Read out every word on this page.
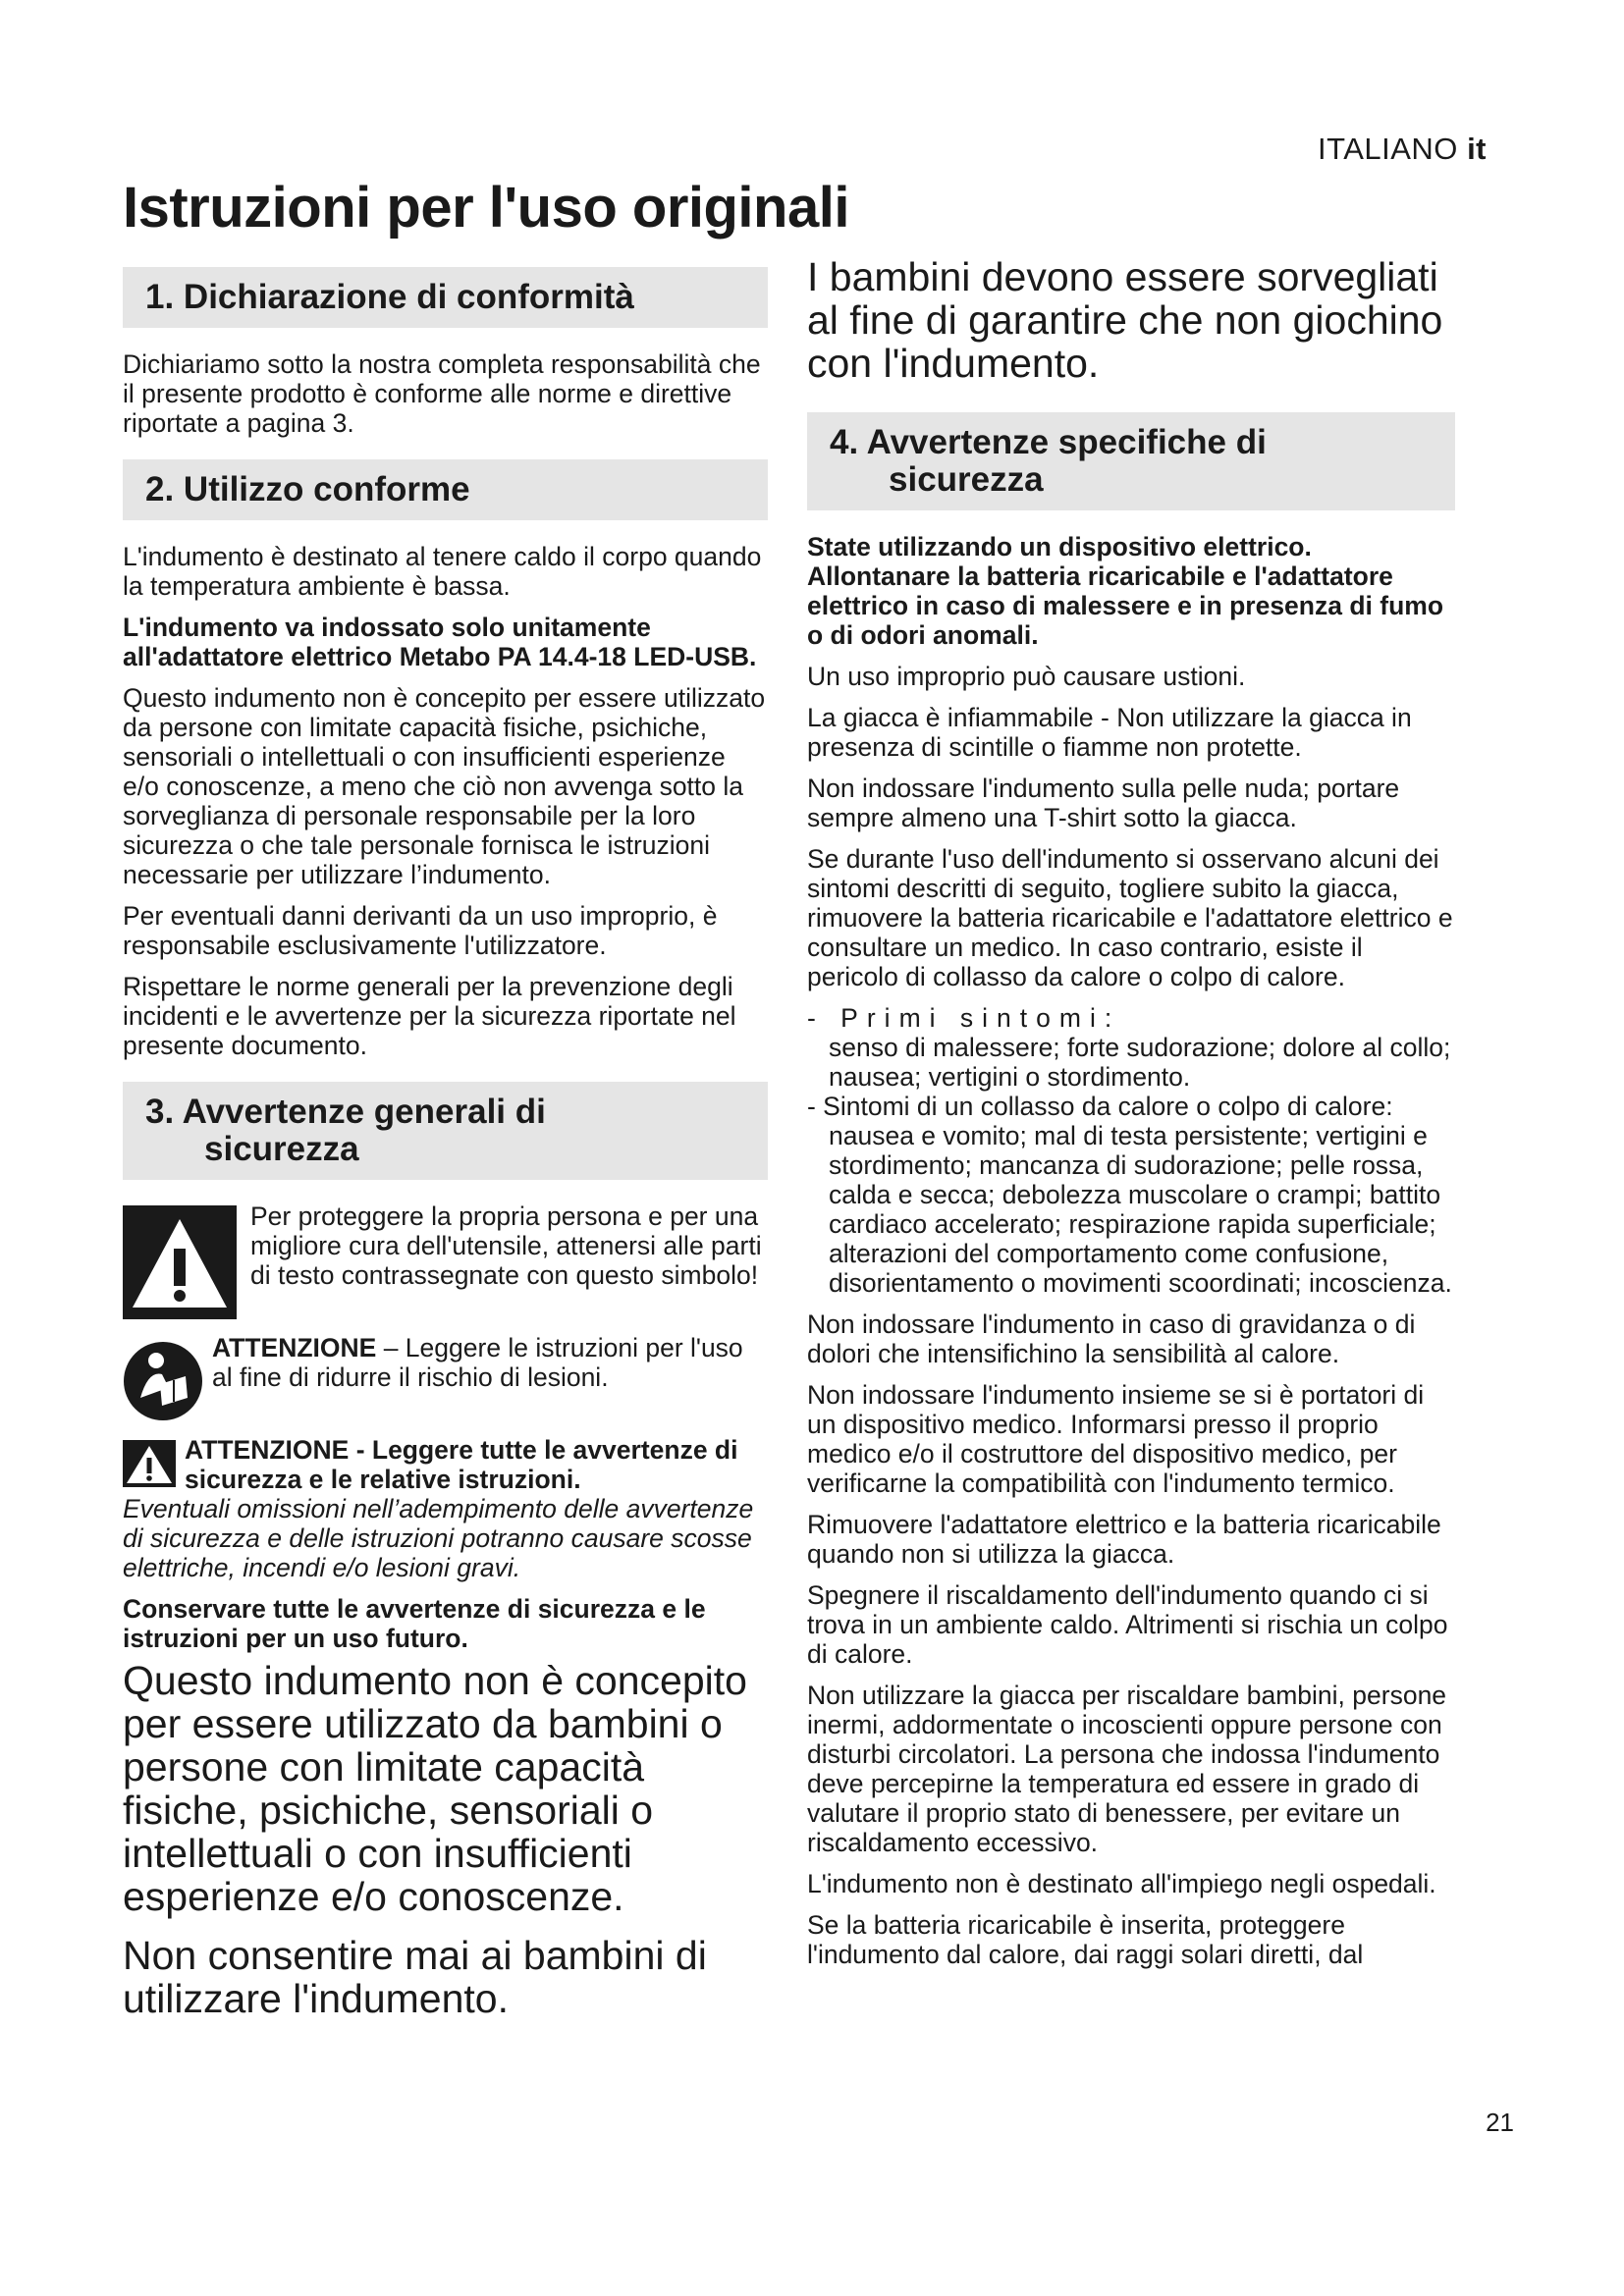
ITALIANO it
Istruzioni per l'uso originali
1. Dichiarazione di conformità

Dichiariamo sotto la nostra completa responsabilità che il presente prodotto è conforme alle norme e direttive riportate a pagina 3.

2. Utilizzo conforme

L'indumento è destinato al tenere caldo il corpo quando la temperatura ambiente è bassa.

L'indumento va indossato solo unitamente all'adattatore elettrico Metabo PA 14.4-18 LED-USB.

Questo indumento non è concepito per essere utilizzato da persone con limitate capacità fisiche, psichiche, sensoriali o intellettuali o con insufficienti esperienze e/o conoscenze, a meno che ciò non avvenga sotto la sorveglianza di personale responsabile per la loro sicurezza o che tale personale fornisca le istruzioni necessarie per utilizzare l’indumento.

Per eventuali danni derivanti da un uso improprio, è responsabile esclusivamente l'utilizzatore.

Rispettare le norme generali per la prevenzione degli incidenti e le avvertenze per la sicurezza riportate nel presente documento.

3. Avvertenze generali di
sicurezza

Per proteggere la propria persona e per una migliore cura dell'utensile, attenersi alle parti di testo contrassegnate con questo simbolo!

ATTENZIONE – Leggere le istruzioni per l'uso al fine di ridurre il rischio di lesioni.

ATTENZIONE - Leggere tutte le avvertenze di sicurezza e le relative istruzioni.

Eventuali omissioni nell’adempimento delle avvertenze di sicurezza e delle istruzioni potranno causare scosse elettriche, incendi e/o lesioni gravi.

Conservare tutte le avvertenze di sicurezza e le istruzioni per un uso futuro.

Questo indumento non è concepito per essere utilizzato da bambini o persone con limitate capacità fisiche, psichiche, sensoriali o intellettuali o con insufficienti esperienze e/o conoscenze.

Non consentire mai ai bambini di utilizzare l'indumento.

I bambini devono essere sorvegliati al fine di garantire che non giochino con l'indumento.

4. Avvertenze specifiche di
sicurezza

State utilizzando un dispositivo elettrico. Allontanare la batteria ricaricabile e l'adattatore elettrico in caso di malessere e in presenza di fumo o di odori anomali.

Un uso improprio può causare ustioni.

La giacca è infiammabile - Non utilizzare la giacca in presenza di scintille o fiamme non protette.

Non indossare l'indumento sulla pelle nuda; portare sempre almeno una T-shirt sotto la giacca.

Se durante l'uso dell'indumento si osservano alcuni dei sintomi descritti di seguito, togliere subito la giacca, rimuovere la batteria ricaricabile e l'adattatore elettrico e consultare un medico. In caso contrario, esiste il pericolo di collasso da calore o colpo di calore.

- Primi sintomi:
senso di malessere; forte sudorazione; dolore al collo; nausea; vertigini o stordimento.
- Sintomi di un collasso da calore o colpo di calore: nausea e vomito; mal di testa persistente; vertigini e stordimento; mancanza di sudorazione; pelle rossa, calda e secca; debolezza muscolare o crampi; battito cardiaco accelerato; respirazione rapida superficiale; alterazioni del comportamento come confusione, disorientamento o movimenti scoordinati; incoscienza.

Non indossare l'indumento in caso di gravidanza o di dolori che intensifichino la sensibilità al calore.

Non indossare l'indumento insieme se si è portatori di un dispositivo medico. Informarsi presso il proprio medico e/o il costruttore del dispositivo medico, per verificarne la compatibilità con l'indumento termico.

Rimuovere l'adattatore elettrico e la batteria ricaricabile quando non si utilizza la giacca.

Spegnere il riscaldamento dell'indumento quando ci si trova in un ambiente caldo. Altrimenti si rischia un colpo di calore.

Non utilizzare la giacca per riscaldare bambini, persone inermi, addormentate o incoscienti oppure persone con disturbi circolatori. La persona che indossa l'indumento deve percepirne la temperatura ed essere in grado di valutare il proprio stato di benessere, per evitare un riscaldamento eccessivo.

L'indumento non è destinato all'impiego negli ospedali.

Se la batteria ricaricabile è inserita, proteggere l'indumento dal calore, dai raggi solari diretti, dal

21
